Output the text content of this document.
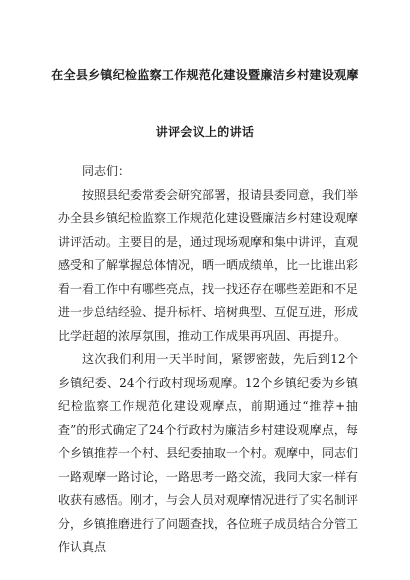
在全县乡镇纪检监察工作规范化建设暨廉洁乡村建设观摩
讲评会议上的讲话

同志们：

按照县纪委常委会研究部署，报请县委同意，我们举办全县乡镇纪检监察工作规范化建设暨廉洁乡村建设观摩讲评活动。主要目的是，通过现场观摩和集中讲评，直观感受和了解掌握总体情况，晒一晒成绩单，比一比谁出彩看一看工作中有哪些亮点，找一找还存在哪些差距和不足进一步总结经验、提升标杆、培树典型、互促互进，形成比学赶超的浓厚氛围，推动工作成果再巩固、再提升。

这次我们利用一天半时间，紧锣密鼓，先后到12个乡镇纪委、24个行政村现场观摩。12个乡镇纪委为乡镇纪检监察工作规范化建设观摩点，前期通过“推荐+抽查”的形式确定了24个行政村为廉洁乡村建设观摩点，每个乡镇推荐一个村、县纪委抽取一个村。观摩中，同志们一路观摩一路讨论，一路思考一路交流，我同大家一样有收获有感悟。刚才，与会人员对观摩情况进行了实名制评分，乡镇推磨进行了问题查找，各位班子成员结合分管工作认真点
